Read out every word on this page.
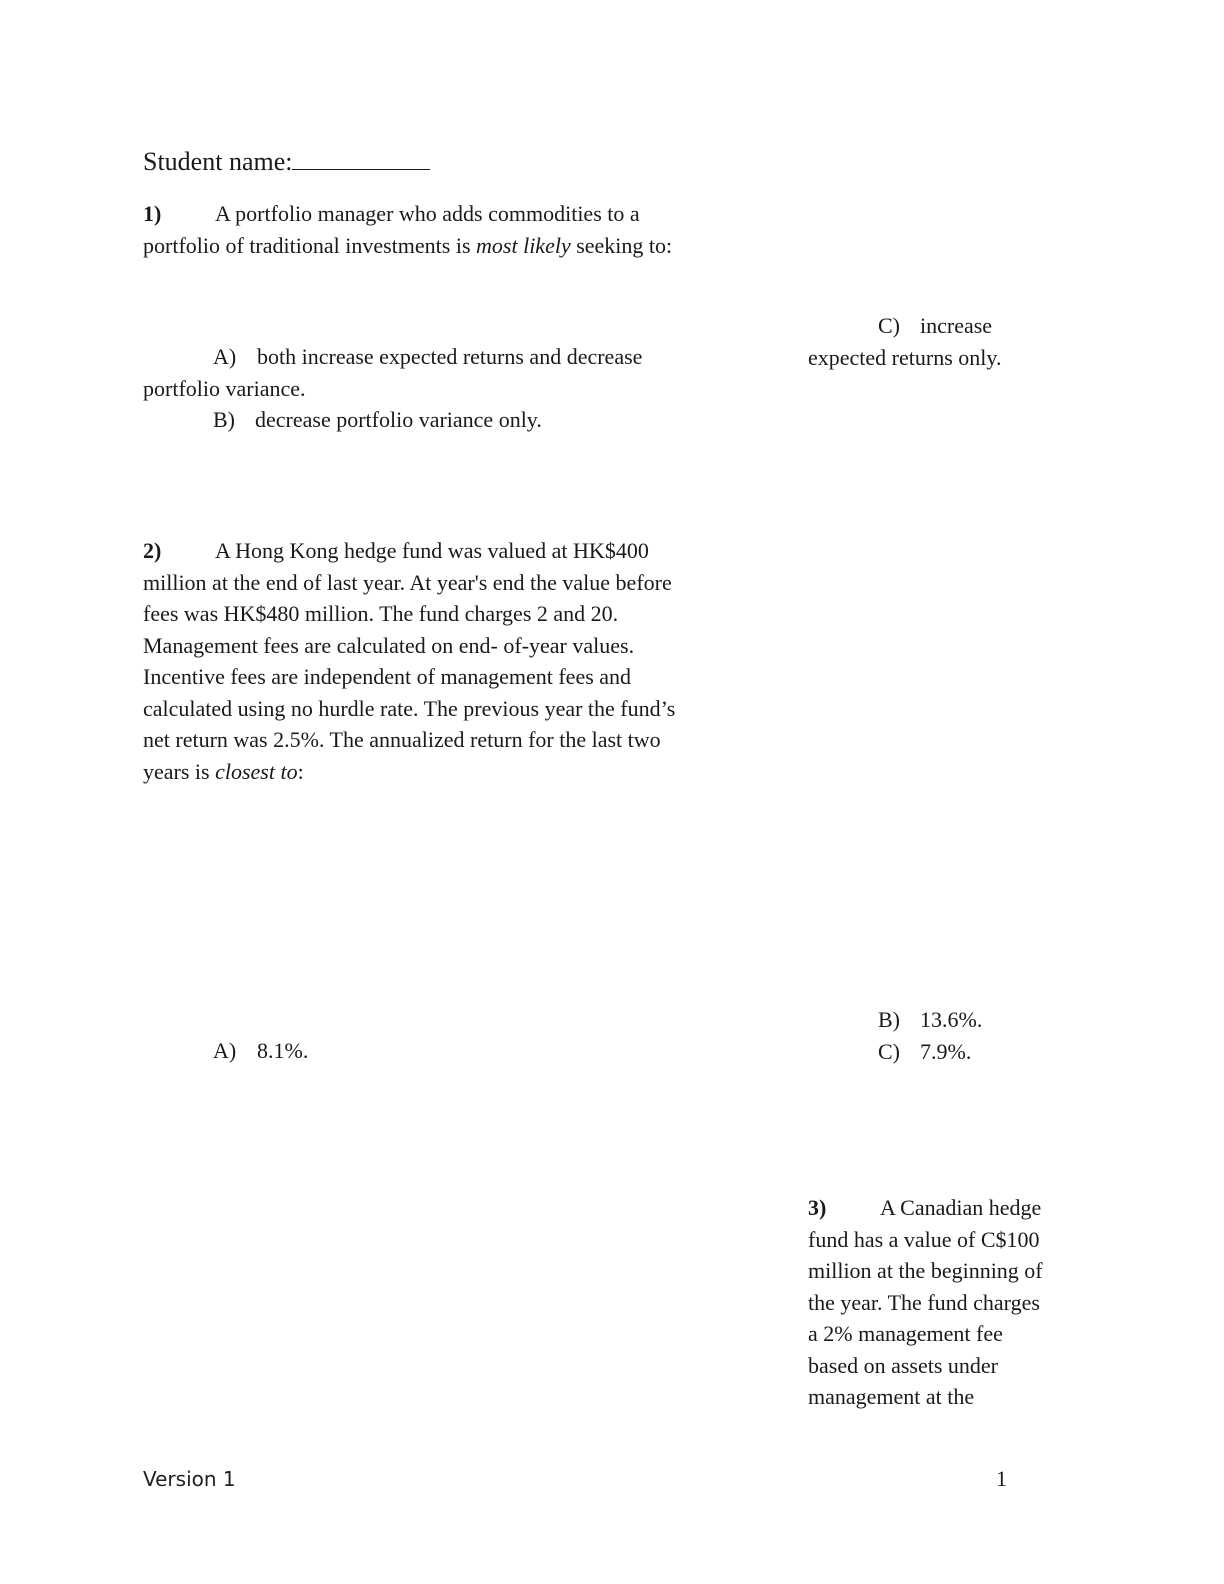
Student name:
1) A portfolio manager who adds commodities to a
portfolio of traditional investments is most likely seeking to:
A) both increase expected returns and decrease
portfolio variance.
B) decrease portfolio variance only.
C) increase
expected returns only.
2) A Hong Kong hedge fund was valued at HK$400
million at the end of last year. At year's end the value before
fees was HK$480 million. The fund charges 2 and 20.
Management fees are calculated on end- of-year values.
Incentive fees are independent of management fees and
calculated using no hurdle rate. The previous year the fund’s
net return was 2.5%. The annualized return for the last two
years is closest to:
A) 8.1%.
B) 13.6%.
C) 7.9%.
3) A Canadian hedge
fund has a value of C$100
million at the beginning of
the year. The fund charges
a 2% management fee
based on assets under
management at the
Version 1	1
